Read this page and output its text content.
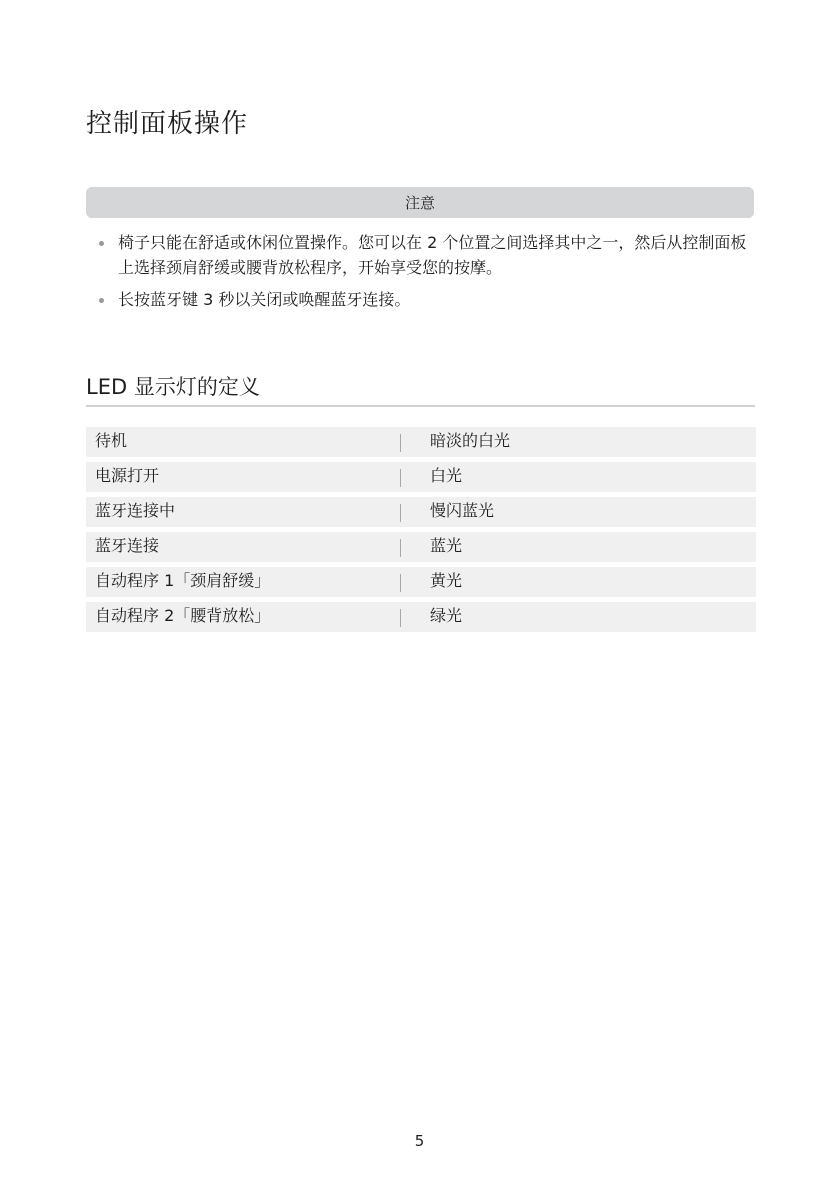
控制面板操作
注意
椅子只能在舒适或休闲位置操作。您可以在 2 个位置之间选择其中之一，然后从控制面板上选择颈肩舒缓或腰背放松程序，开始享受您的按摩。
长按蓝牙键 3 秒以关闭或唤醒蓝牙连接。
LED 显示灯的定义
待机	暗淡的白光
电源打开	白光
蓝牙连接中	慢闪蓝光
蓝牙连接	蓝光
自动程序 1「颈肩舒缓」	黄光
自动程序 2「腰背放松」	绿光
5
